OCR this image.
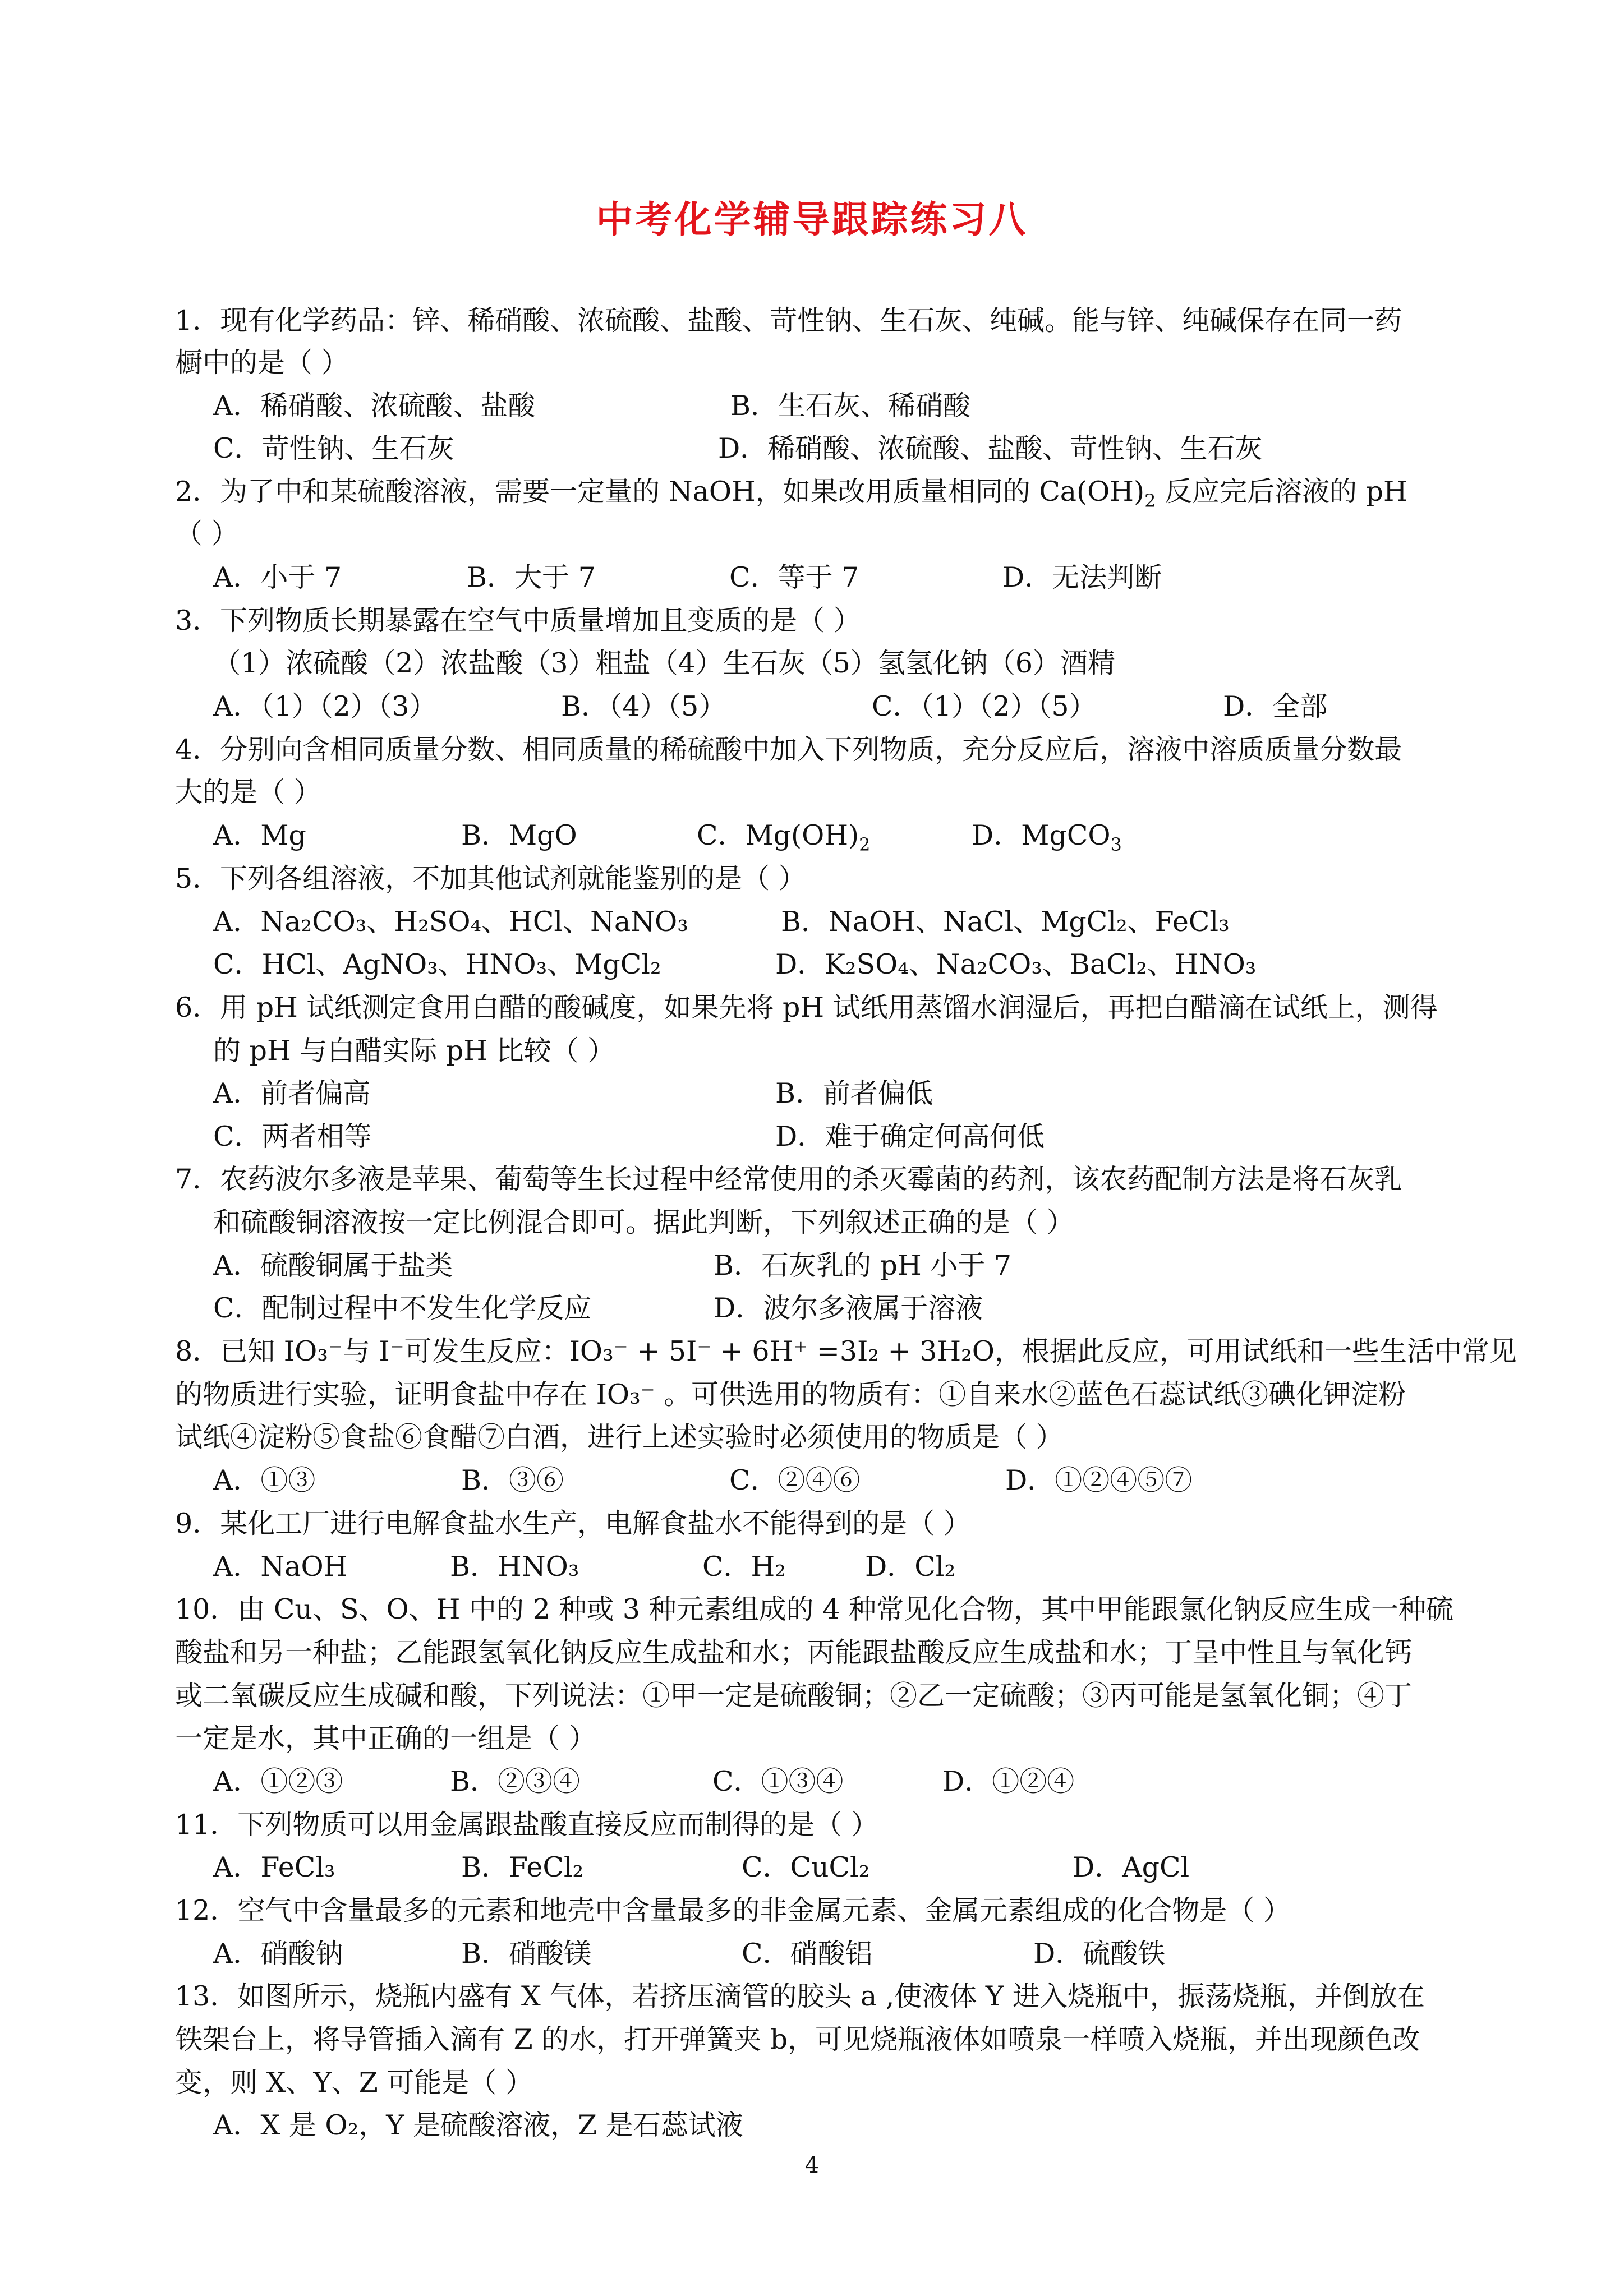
中考化学辅导跟踪练习八
1．现有化学药品：锌、稀硝酸、浓硫酸、盐酸、苛性钠、生石灰、纯碱。能与锌、纯碱保存在同一药
橱中的是（ ）
A．稀硝酸、浓硫酸、盐酸	B．生石灰、稀硝酸
C．苛性钠、生石灰	D．稀硝酸、浓硫酸、盐酸、苛性钠、生石灰
2．为了中和某硫酸溶液，需要一定量的 NaOH，如果改用质量相同的 $Ca(OH)_2$ 反应完后溶液的 pH
（ ）
A．小于 7	B．大于 7	C．等于 7	D．无法判断
3．下列物质长期暴露在空气中质量增加且变质的是（ ）
（1）浓硫酸（2）浓盐酸（3）粗盐（4）生石灰（5）氢氢化钠（6）酒精
A．（1）（2）（3）	B．（4）（5）	C．（1）（2）（5）	D．全部
4．分别向含相同质量分数、相同质量的稀硫酸中加入下列物质，充分反应后，溶液中溶质质量分数最
大的是（ ）
A．Mg	B．MgO	C．$Mg(OH)_2$	D．MgCO$_3$
5．下列各组溶液，不加其他试剂就能鉴别的是（ ）
A．Na₂CO₃、H₂SO₄、HCl、NaNO₃	B．NaOH、NaCl、MgCl₂、FeCl₃
C．HCl、AgNO₃、HNO₃、MgCl₂	D．K₂SO₄、Na₂CO₃、BaCl₂、HNO₃
6．用 pH 试纸测定食用白醋的酸碱度，如果先将 pH 试纸用蒸馏水润湿后，再把白醋滴在试纸上，测得
的 pH 与白醋实际 pH 比较（ ）
A．前者偏高	B．前者偏低
C．两者相等	D．难于确定何高何低
7．农药波尔多液是苹果、葡萄等生长过程中经常使用的杀灭霉菌的药剂，该农药配制方法是将石灰乳
和硫酸铜溶液按一定比例混合即可。据此判断，下列叙述正确的是（ ）
A．硫酸铜属于盐类	B．石灰乳的 pH 小于 7
C．配制过程中不发生化学反应	D．波尔多液属于溶液
8．已知 IO₃⁻与 I⁻可发生反应：IO₃⁻ + 5I⁻ + 6H⁺ =3I₂ + 3H₂O，根据此反应，可用试纸和一些生活中常见
的物质进行实验，证明食盐中存在 IO₃⁻ 。可供选用的物质有：①自来水②蓝色石蕊试纸③碘化钾淀粉
试纸④淀粉⑤食盐⑥食醋⑦白酒，进行上述实验时必须使用的物质是（ ）
A．①③	B．③⑥	C．②④⑥	D．①②④⑤⑦
9．某化工厂进行电解食盐水生产，电解食盐水不能得到的是（ ）
A．NaOH	B．HNO₃	C．H₂	D．Cl₂
10．由 Cu、S、O、H 中的 2 种或 3 种元素组成的 4 种常见化合物，其中甲能跟氯化钠反应生成一种硫
酸盐和另一种盐；乙能跟氢氧化钠反应生成盐和水；丙能跟盐酸反应生成盐和水；丁呈中性且与氧化钙
或二氧碳反应生成碱和酸，下列说法：①甲一定是硫酸铜；②乙一定硫酸；③丙可能是氢氧化铜；④丁
一定是水，其中正确的一组是（ ）
A．①②③	B．②③④	C．①③④	D．①②④
11．下列物质可以用金属跟盐酸直接反应而制得的是（ ）
A．FeCl₃	B．FeCl₂	C．CuCl₂	D．AgCl
12．空气中含量最多的元素和地壳中含量最多的非金属元素、金属元素组成的化合物是（ ）
A．硝酸钠	B．硝酸镁	C．硝酸铝	D．硫酸铁
13．如图所示，烧瓶内盛有 X 气体，若挤压滴管的胶头 a ,使液体 Y 进入烧瓶中，振荡烧瓶，并倒放在
铁架台上，将导管插入滴有 Z 的水，打开弹簧夹 b，可见烧瓶液体如喷泉一样喷入烧瓶，并出现颜色改
变，则 X、Y、Z 可能是（ ）
A．X 是 O₂，Y 是硫酸溶液，Z 是石蕊试液
4
